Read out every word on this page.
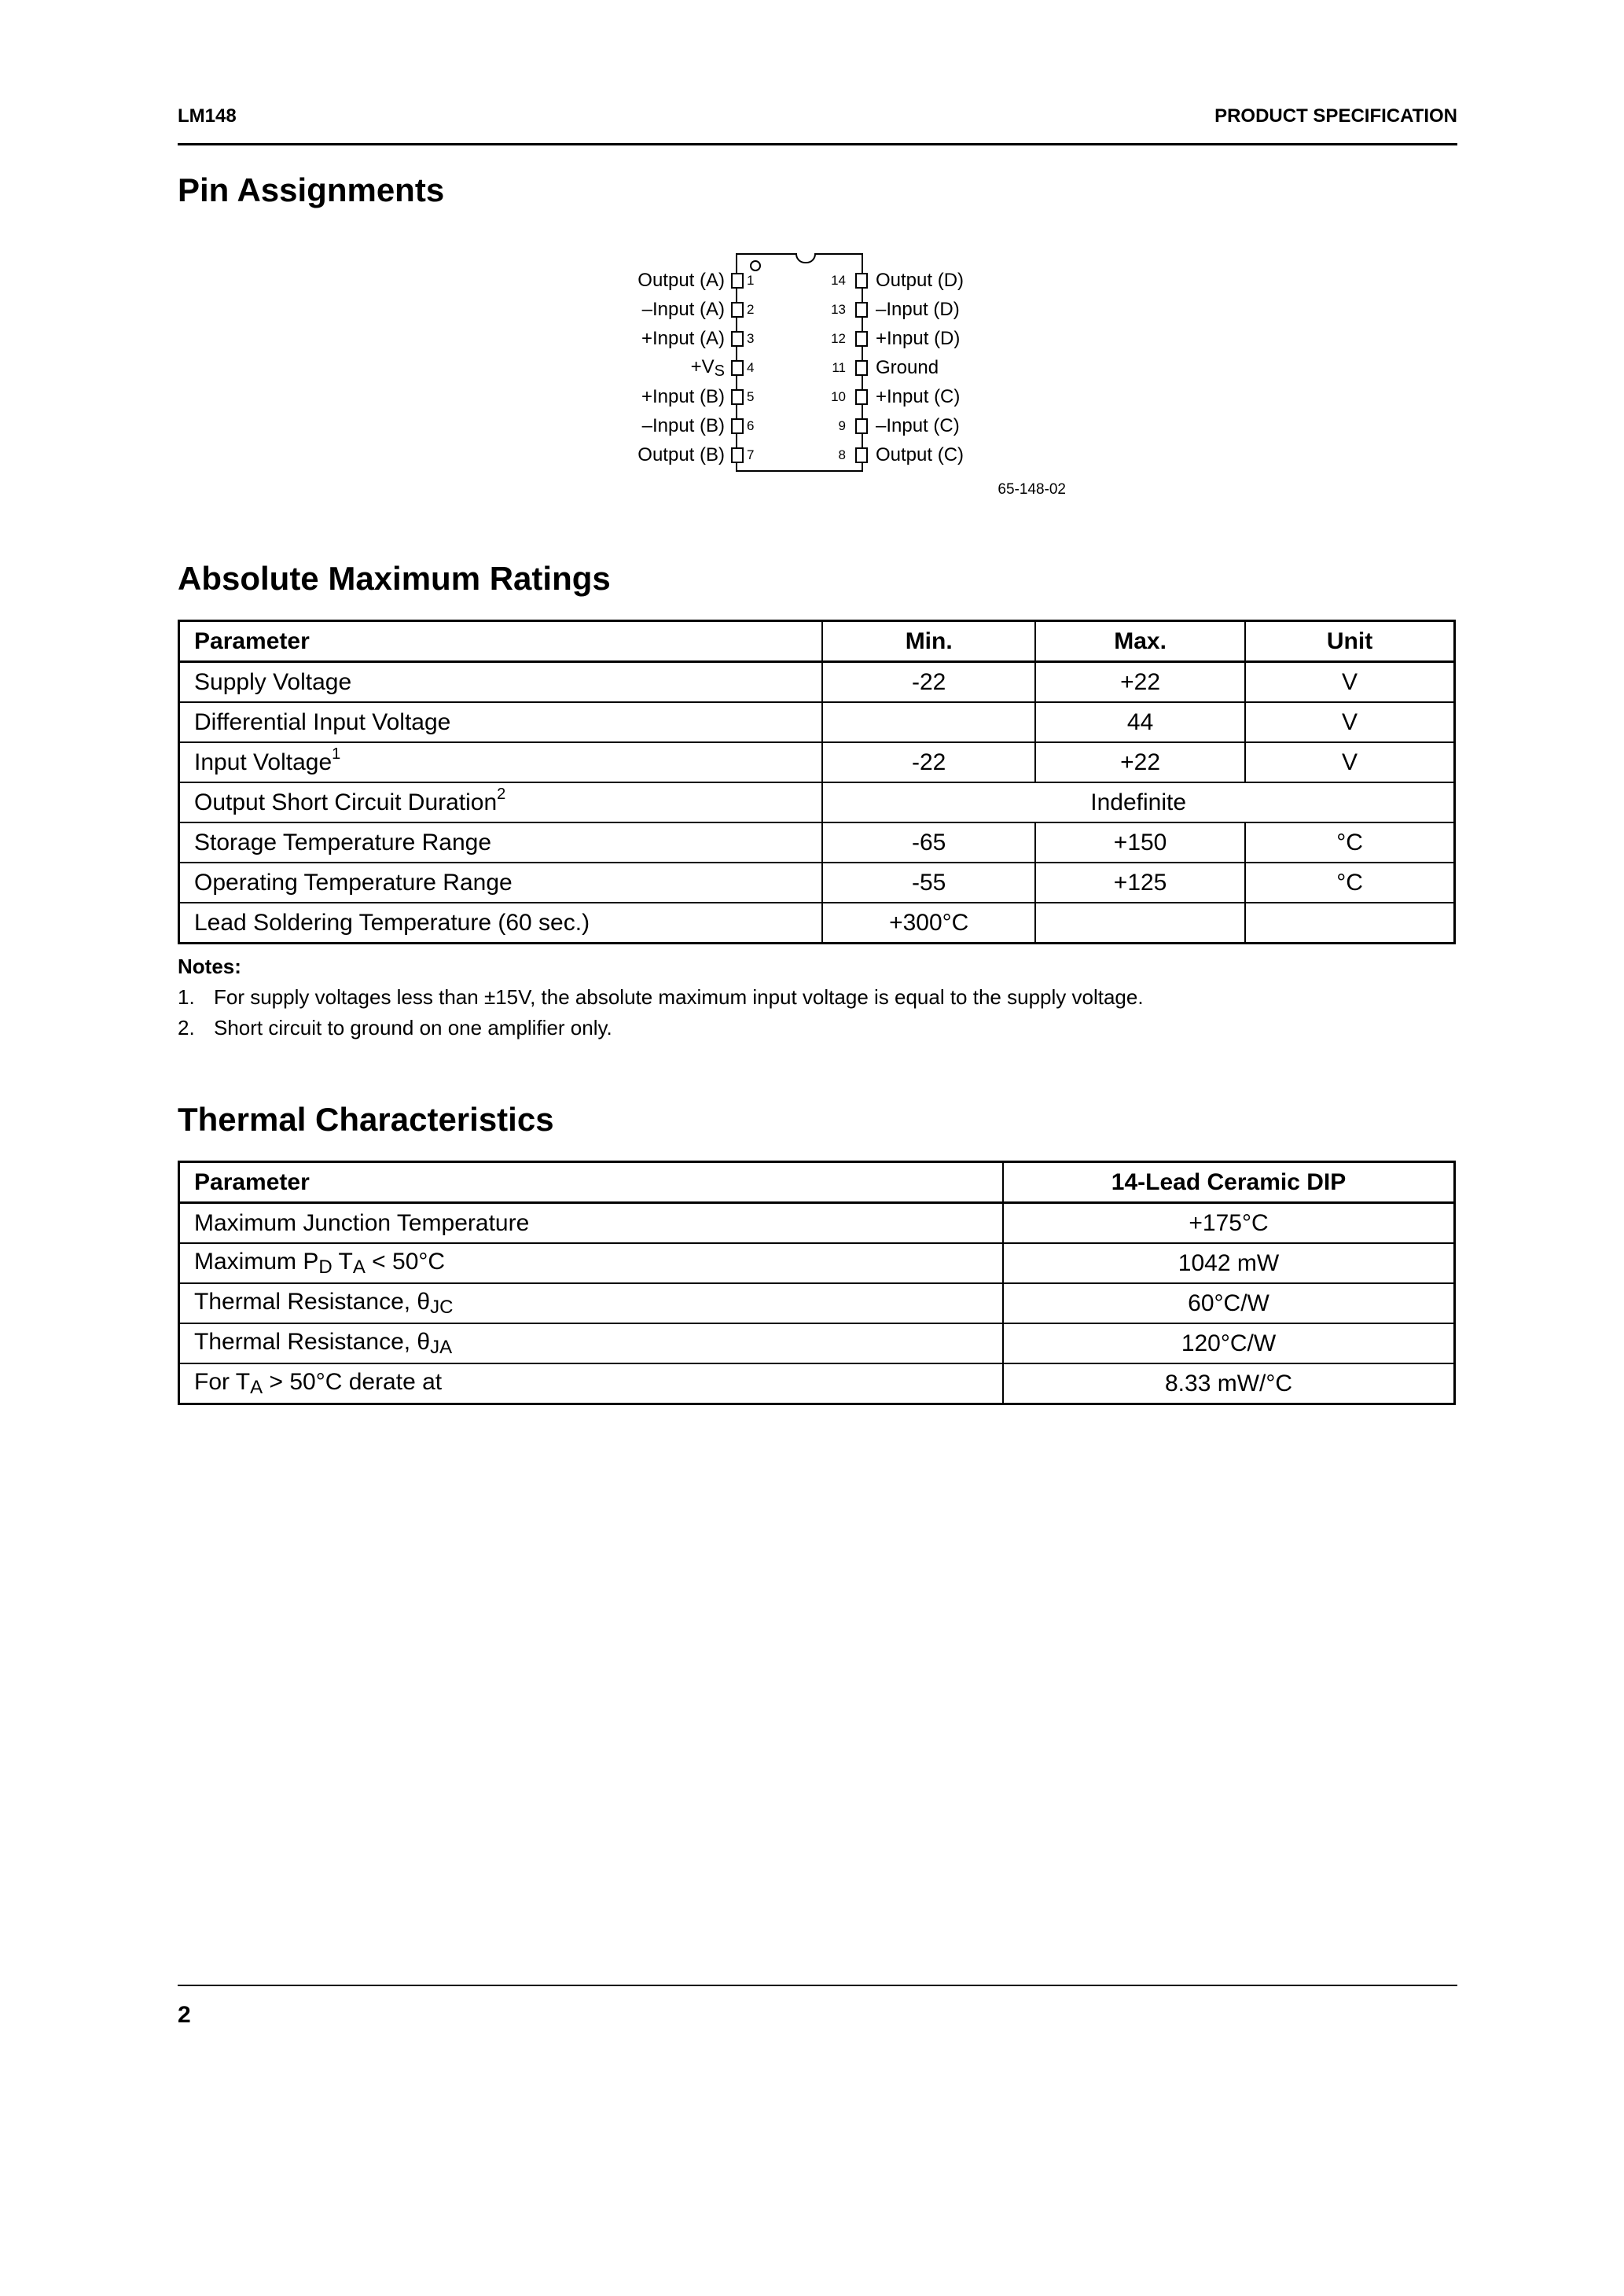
LM148	PRODUCT SPECIFICATION
Pin Assignments
Output (A)
–Input (A)
+Input (A)
$+V_S$
+Input (B)
–Input (B)
Output (B)
1
2
3
4
5
6
7
14
13
12
11
10
9
8
Output (D)
–Input (D)
+Input (D)
Ground
+Input (C)
–Input (C)
Output (C)
65-148-02
Absolute Maximum Ratings
Parameter	Min.	Max.	Unit
Supply Voltage	-22	+22	V
Differential Input Voltage		44	V
Input Voltage$^1$	-22	+22	V
Output Short Circuit Duration$^2$	Indefinite		
Storage Temperature Range	-65	+150	°C
Operating Temperature Range	-55	+125	°C
Lead Soldering Temperature (60 sec.)	+300°C		
Notes:
1. For supply voltages less than ±15V, the absolute maximum input voltage is equal to the supply voltage.
2. Short circuit to ground on one amplifier only.
Thermal Characteristics
Parameter	14-Lead Ceramic DIP
Maximum Junction Temperature	+175°C
Maximum $P_D$ $T_A < 50^\circ C$	1042 mW
Thermal Resistance, $\theta_{JC}$	60°C/W
Thermal Resistance, $\theta_{JA}$	120°C/W
For $T_A > 50^\circ C$ derate at	8.33 mW/°C
2
